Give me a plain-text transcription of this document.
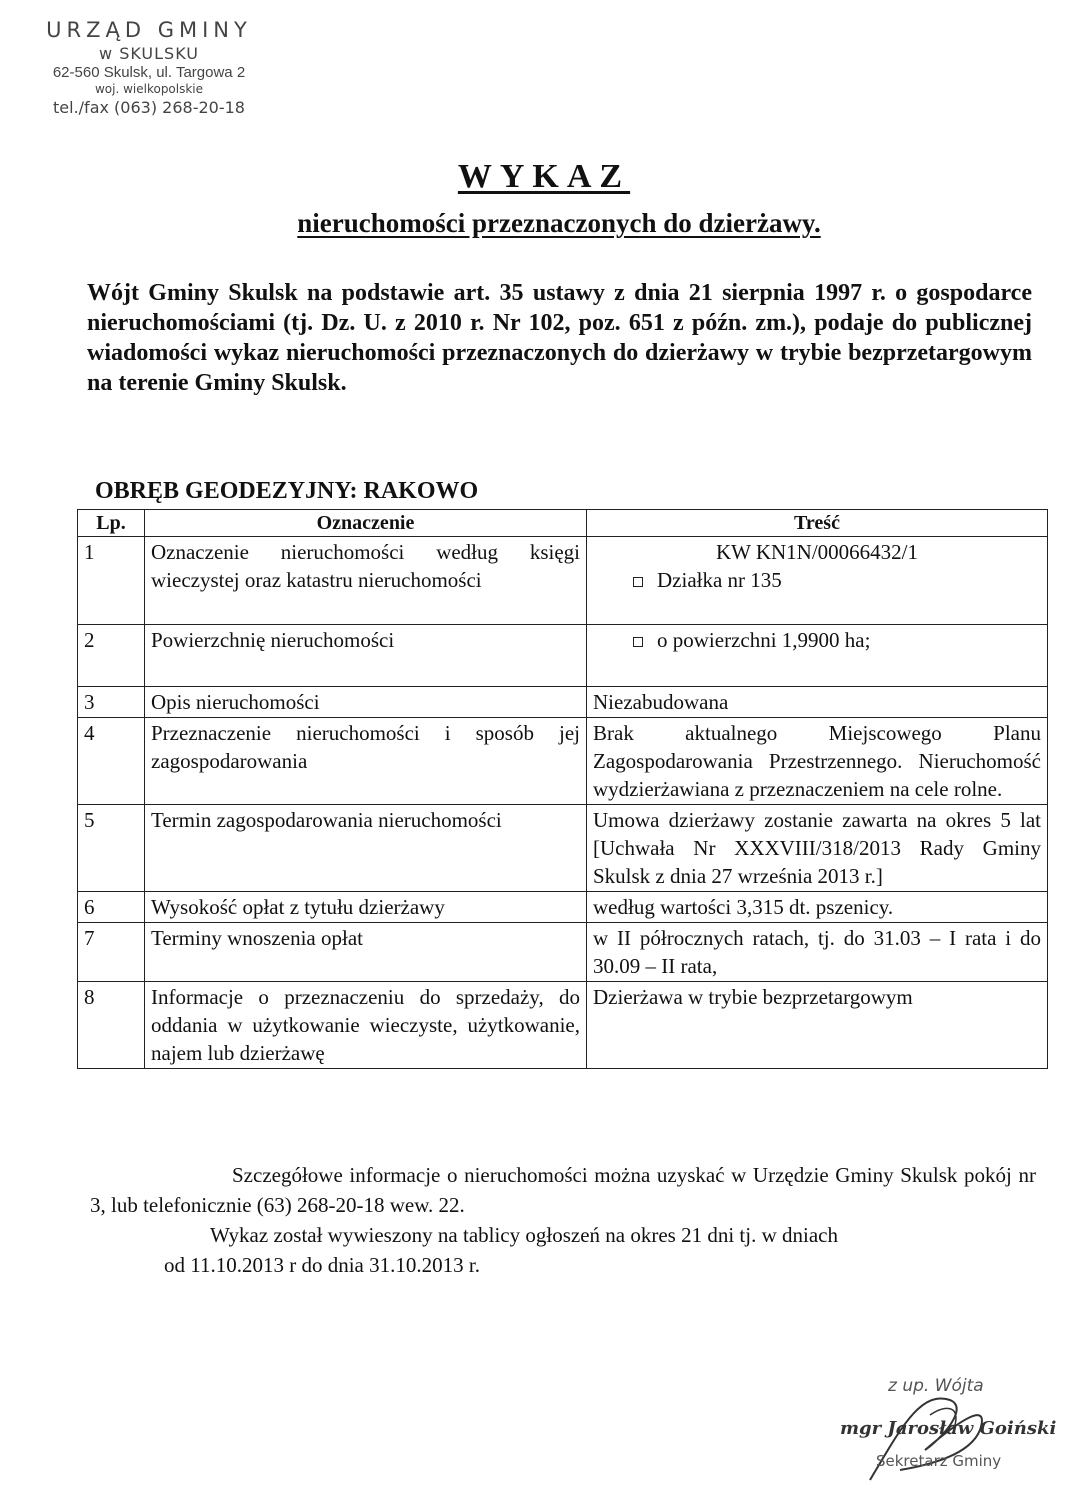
URZĄD GMINY
w SKULSKU
62-560 Skulsk, ul. Targowa 2
woj. wielkopolskie
tel./fax (063) 268-20-18
WYKAZ
nieruchomości przeznaczonych do dzierżawy.
Wójt Gminy Skulsk na podstawie art. 35 ustawy z dnia 21 sierpnia 1997 r. o gospodarce nieruchomościami (tj. Dz. U. z 2010 r. Nr 102, poz. 651 z późn. zm.), podaje do publicznej wiadomości wykaz nieruchomości przeznaczonych do dzierżawy w trybie bezprzetargowym na terenie Gminy Skulsk.
OBRĘB GEODEZYJNY: RAKOWO
Lp.	Oznaczenie	Treść
1	Oznaczenie nieruchomości według księgi wieczystej oraz katastru nieruchomości	KW KN1N/00066432/1
Działka nr 135

2	Powierzchnię nieruchomości	o powierzchni 1,9900 ha;

3	Opis nieruchomości	Niezabudowana
4	Przeznaczenie nieruchomości i sposób jej zagospodarowania	Brak aktualnego Miejscowego Planu Zagospodarowania Przestrzennego. Nieruchomość wydzierżawiana z przeznaczeniem na cele rolne.
5	Termin zagospodarowania nieruchomości	Umowa dzierżawy zostanie zawarta na okres 5 lat [Uchwała Nr XXXVIII/318/2013 Rady Gminy Skulsk z dnia 27 września 2013 r.]
6	Wysokość opłat z tytułu dzierżawy	według wartości 3,315 dt. pszenicy.
7	Terminy wnoszenia opłat	w II półrocznych ratach, tj. do 31.03 – I rata i do 30.09 – II rata,
8	Informacje o przeznaczeniu do sprzedaży, do oddania w użytkowanie wieczyste, użytkowanie, najem lub dzierżawę	Dzierżawa w trybie bezprzetargowym

Szczegółowe informacje o nieruchomości można uzyskać w Urzędzie Gminy Skulsk pokój nr 3, lub telefonicznie (63) 268-20-18 wew. 22.

Wykaz został wywieszony na tablicy ogłoszeń na okres 21 dni tj. w dniach

od 11.10.2013 r do dnia 31.10.2013 r.

z up. Wójta
mgr Jarosław Goiński
Sekretarz Gminy
